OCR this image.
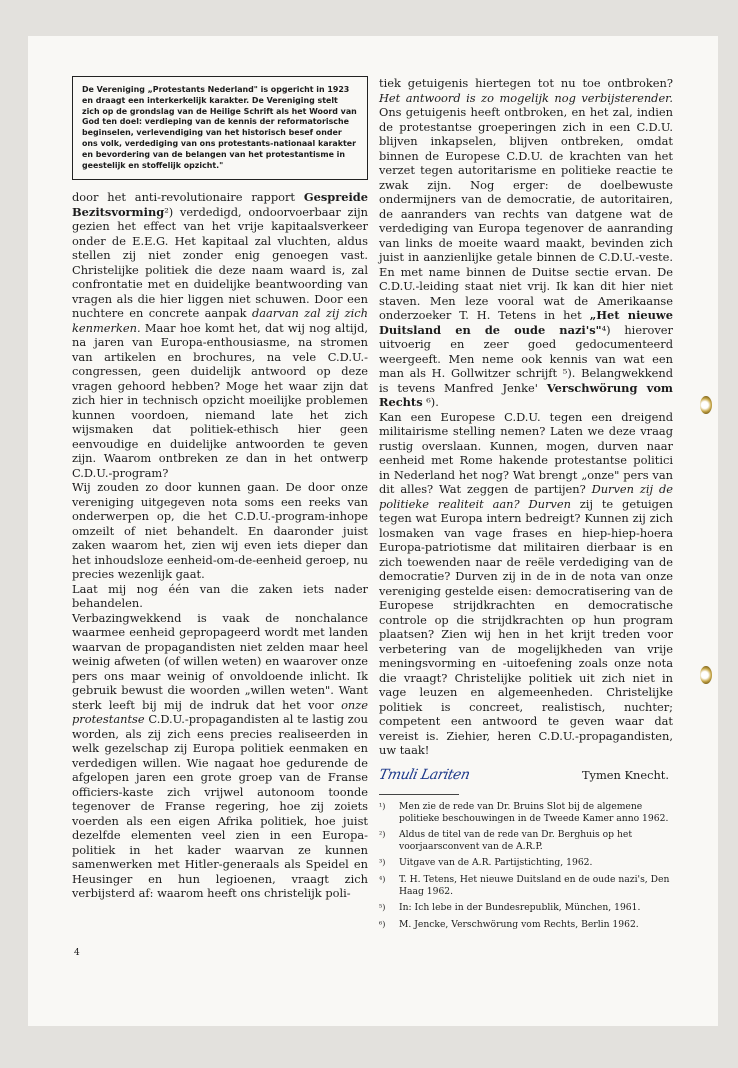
De Vereniging „Protestants Nederland" is opgericht in 1923 en draagt een interkerkelijk karakter. De Vereniging stelt zich op de grondslag van de Heilige Schrift als het Woord van God ten doel: verdieping van de kennis der reformatorische beginselen, verlevendiging van het historisch besef onder ons volk, verdediging van ons protestants-nationaal karakter en bevordering van de belangen van het protestantisme in geestelijk en stoffelijk opzicht."

door het anti-revolutionaire rapport Gespreide Bezitsvorming²) verdedigd, ondoorvoerbaar zijn gezien het effect van het vrije kapitaalsverkeer onder de E.E.G. Het kapitaal zal vluchten, aldus stellen zij niet zonder enig genoegen vast. Christelijke politiek die deze naam waard is, zal confrontatie met en duidelijke beantwoording van vragen als die hier liggen niet schuwen. Door een nuchtere en concrete aanpak daarvan zal zij zich kenmerken. Maar hoe komt het, dat wij nog altijd, na jaren van Europa-enthousiasme, na stromen van artikelen en brochures, na vele C.D.U.-congressen, geen duidelijk antwoord op deze vragen gehoord hebben? Moge het waar zijn dat zich hier in technisch opzicht moeilijke problemen kunnen voordoen, niemand late het zich wijsmaken dat politiek-ethisch hier geen eenvoudige en duidelijke antwoorden te geven zijn. Waarom ontbreken ze dan in het ontwerp C.D.U.-program?

Wij zouden zo door kunnen gaan. De door onze vereniging uitgegeven nota soms een reeks van onderwerpen op, die het C.D.U.-program-inhope omzeilt of niet behandelt. En daaronder juist zaken waarom het, zien wij even iets dieper dan het inhoudsloze eenheid-om-de-eenheid geroep, nu precies wezenlijk gaat.

Laat mij nog één van die zaken iets nader behandelen.

Verbazingwekkend is vaak de nonchalance waarmee eenheid gepropageerd wordt met landen waarvan de propagandisten niet zelden maar heel weinig afweten (of willen weten) en waarover onze pers ons maar weinig of onvoldoende inlicht. Ik gebruik bewust die woorden „willen weten". Want sterk leeft bij mij de indruk dat het voor onze protestantse C.D.U.-propagandisten al te lastig zou worden, als zij zich eens precies realiseerden in welk gezelschap zij Europa politiek eenmaken en verdedigen willen. Wie nagaat hoe gedurende de afgelopen jaren een grote groep van de Franse officiers-kaste zich vrijwel autonoom toonde tegenover de Franse regering, hoe zij zoiets voerden als een eigen Afrika politiek, hoe juist dezelfde elementen veel zien in een Europa-politiek in het kader waarvan ze kunnen samenwerken met Hitler-generaals als Speidel en Heusinger en hun legioenen, vraagt zich verbijsterd af: waarom heeft ons christelijk poli-

tiek getuigenis hiertegen tot nu toe ontbroken? Het antwoord is zo mogelijk nog verbijsterender. Ons getuigenis heeft ontbroken, en het zal, indien de protestantse groeperingen zich in een C.D.U. blijven inkapselen, blijven ontbreken, omdat binnen de Europese C.D.U. de krachten van het verzet tegen autoritarisme en politieke reactie te zwak zijn. Nog erger: de doelbewuste ondermijners van de democratie, de autoritairen, de aanranders van rechts van datgene wat de verdediging van Europa tegenover de aanranding van links de moeite waard maakt, bevinden zich juist in aanzienlijke getale binnen de C.D.U.-veste. En met name binnen de Duitse sectie ervan. De C.D.U.-leiding staat niet vrij. Ik kan dit hier niet staven. Men leze vooral wat de Amerikaanse onderzoeker T. H. Tetens in het „Het nieuwe Duitsland en de oude nazi's"⁴) hierover uitvoerig en zeer goed gedocumenteerd weergeeft. Men neme ook kennis van wat een man als H. Gollwitzer schrijft ⁵). Belangwekkend is tevens Manfred Jenke' Verschwörung vom Rechts ⁶).

Kan een Europese C.D.U. tegen een dreigend militairisme stelling nemen? Laten we deze vraag rustig overslaan. Kunnen, mogen, durven naar eenheid met Rome hakende protestantse politici in Nederland het nog? Wat brengt „onze" pers van dit alles? Wat zeggen de partijen? Durven zij de politieke realiteit aan? Durven zij te getuigen tegen wat Europa intern bedreigt? Kunnen zij zich losmaken van vage frases en hiep-hiep-hoera Europa-patriotisme dat militairen dierbaar is en zich toewenden naar de reële verdediging van de democratie? Durven zij in de in de nota van onze vereniging gestelde eisen: democratisering van de Europese strijdkrachten en democratische controle op die strijdkrachten op hun program plaatsen? Zien wij hen in het krijt treden voor verbetering van de mogelijkheden van vrije meningsvorming en -uitoefening zoals onze nota die vraagt? Christelijke politiek uit zich niet in vage leuzen en algemeenheden. Christelijke politiek is concreet, realistisch, nuchter; competent een antwoord te geven waar dat vereist is. Ziehier, heren C.D.U.-propagandisten, uw taak!

Tmuli Lariten	Tymen Knecht.
¹)	Men zie de rede van Dr. Bruins Slot bij de algemene politieke beschouwingen in de Tweede Kamer anno 1962.
²)	Aldus de titel van de rede van Dr. Berghuis op het voorjaarsconvent van de A.R.P.
³)	Uitgave van de A.R. Partijstichting, 1962.
⁴)	T. H. Tetens, Het nieuwe Duitsland en de oude nazi's, Den Haag 1962.
⁵)	In: Ich lebe in der Bundesrepublik, München, 1961.
⁶)	M. Jencke, Verschwörung vom Rechts, Berlin 1962.
4
